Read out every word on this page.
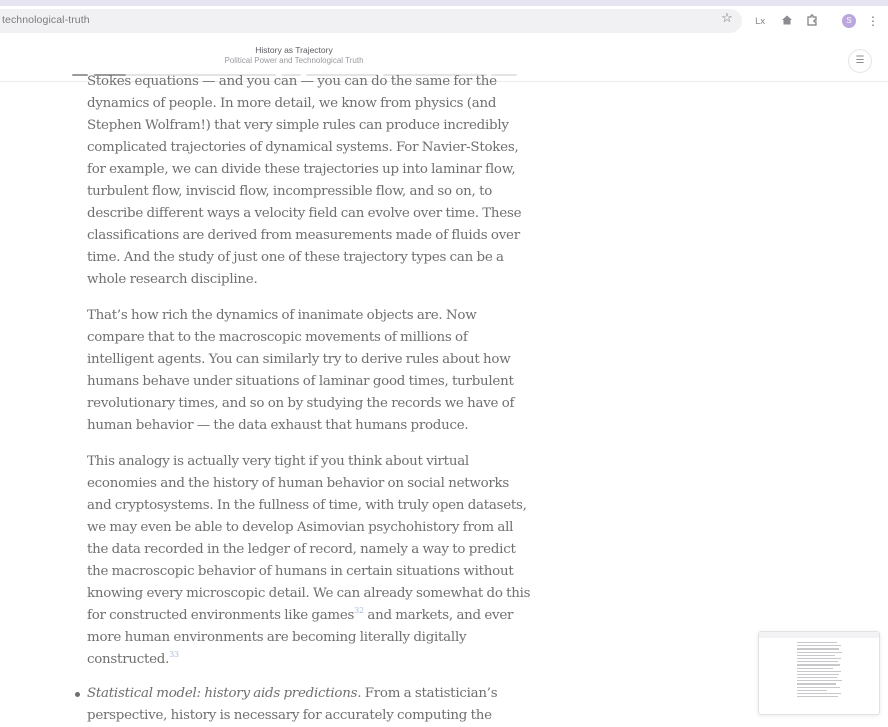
technological-truth	☆ Lx	S	⋮
History as Trajectory
Political Power and Technological Truth	☰
Stokes equations — and you can — you can do the same for the
dynamics of people. In more detail, we know from physics (and Stephen Wolfram!) that very simple rules can produce incredibly complicated trajectories of dynamical systems. For Navier-Stokes, for example, we can divide these trajectories up into laminar flow, turbulent flow, inviscid flow, incompressible flow, and so on, to describe different ways a velocity field can evolve over time. These classifications are derived from measurements made of fluids over time. And the study of just one of these trajectory types can be a whole research discipline.
That’s how rich the dynamics of inanimate objects are. Now compare that to the macroscopic movements of millions of intelligent agents. You can similarly try to derive rules about how humans behave under situations of laminar good times, turbulent revolutionary times, and so on by studying the records we have of human behavior — the data exhaust that humans produce.
This analogy is actually very tight if you think about virtual economies and the history of human behavior on social networks and cryptosystems. In the fullness of time, with truly open datasets, we may even be able to develop Asimovian psychohistory from all the data recorded in the ledger of record, namely a way to predict the macroscopic behavior of humans in certain situations without knowing every microscopic detail. We can already somewhat do this for constructed environments like games$^{32}$ and markets, and ever more human environments are becoming literally digitally constructed.$^{33}$
Statistical model: history aids predictions. From a statistician’s
perspective, history is necessary for accurately computing the
